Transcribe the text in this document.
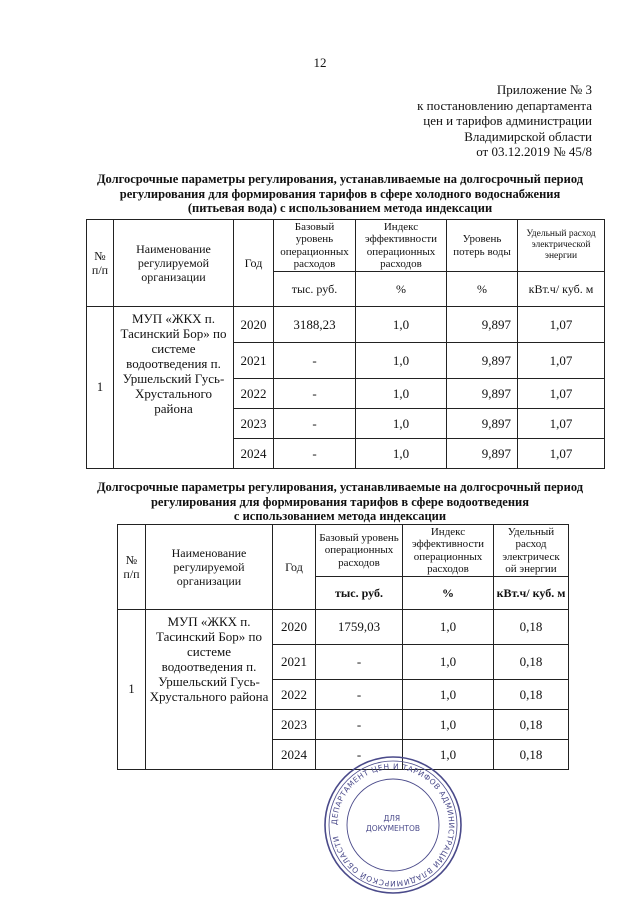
12
Приложение № 3
к постановлению департамента
цен и тарифов администрации
Владимирской области
от 03.12.2019 № 45/8
Долгосрочные параметры регулирования, устанавливаемые на долгосрочный период
регулирования для формирования тарифов в сфере холодного водоснабжения
(питьевая вода) с использованием метода индексации
№ п/п	Наименование регулируемой организации	Год	Базовый уровень операционных расходов	Индекс эффективности операционных расходов	Уровень потерь воды	Удельный расход электрической энергии
			тыс. руб.	%	%	кВт.ч/ куб. м
1	МУП «ЖКХ п. Тасинский Бор» по системе водоотведения п. Уршельский Гусь-Хрустального района	2020	3188,23	1,0	9,897	1,07
		2021	-	1,0	9,897	1,07
		2022	-	1,0	9,897	1,07
		2023	-	1,0	9,897	1,07
		2024	-	1,0	9,897	1,07
Долгосрочные параметры регулирования, устанавливаемые на долгосрочный период
регулирования для формирования тарифов в сфере водоотведения
с использованием метода индексации
№ п/п	Наименование регулируемой организации	Год	Базовый уровень операционных расходов	Индекс эффективности операционных расходов	Удельный расход электрическ ой энергии
			тыс. руб.	%	кВт.ч/ куб. м
1	МУП «ЖКХ п. Тасинский Бор» по системе водоотведения п. Уршельский Гусь-Хрустального района	2020	1759,03	1,0	0,18
		2021	-	1,0	0,18
		2022	-	1,0	0,18
		2023	-	1,0	0,18
		2024	-	1,0	0,18
ДЕПАРТАМЕНТ ЦЕН И ТАРИФОВ АДМИНИСТРАЦИИ ВЛАДИМИРСКОЙ ОБЛАСТИ
ДЛЯ ДОКУМЕНТОВ
